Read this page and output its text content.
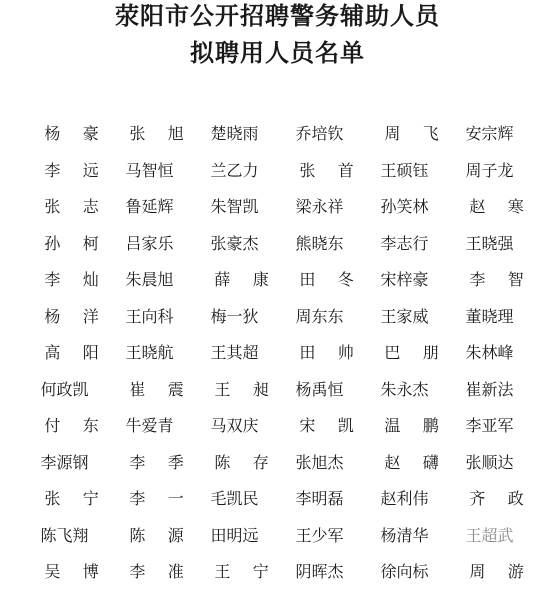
荥阳市公开招聘警务辅助人员
拟聘用人员名单
杨豪 张旭 楚晓雨	乔培钦	周飞 安宗辉
李远 马智恒	兰乙力	张首 王硕钰	周子龙
张志 鲁延辉	朱智凯	梁永祥	孙笑林	赵寒
孙柯 吕家乐	张豪杰	熊晓东	李志行	王晓强
李灿 朱晨旭	薛康 田冬 宋梓豪	李智
杨洋 王向科	梅一狄	周东东	王家威	董晓理
高阳 王晓航	王其超	田帅 巴朋 朱林峰
何政凯	崔震 王昶 杨禹恒	朱永杰	崔新法
付东 牛爱青	马双庆	宋凯 温鹏 李亚军
李源钢	李季 陈存 张旭杰	赵礴 张顺达
张宁 李一 毛凯民	李明磊	赵利伟	齐政
陈飞翔	陈源 田明远	王少军	杨清华	王超武
吴博 李准 王宁 阴晖杰	徐向标	周游
